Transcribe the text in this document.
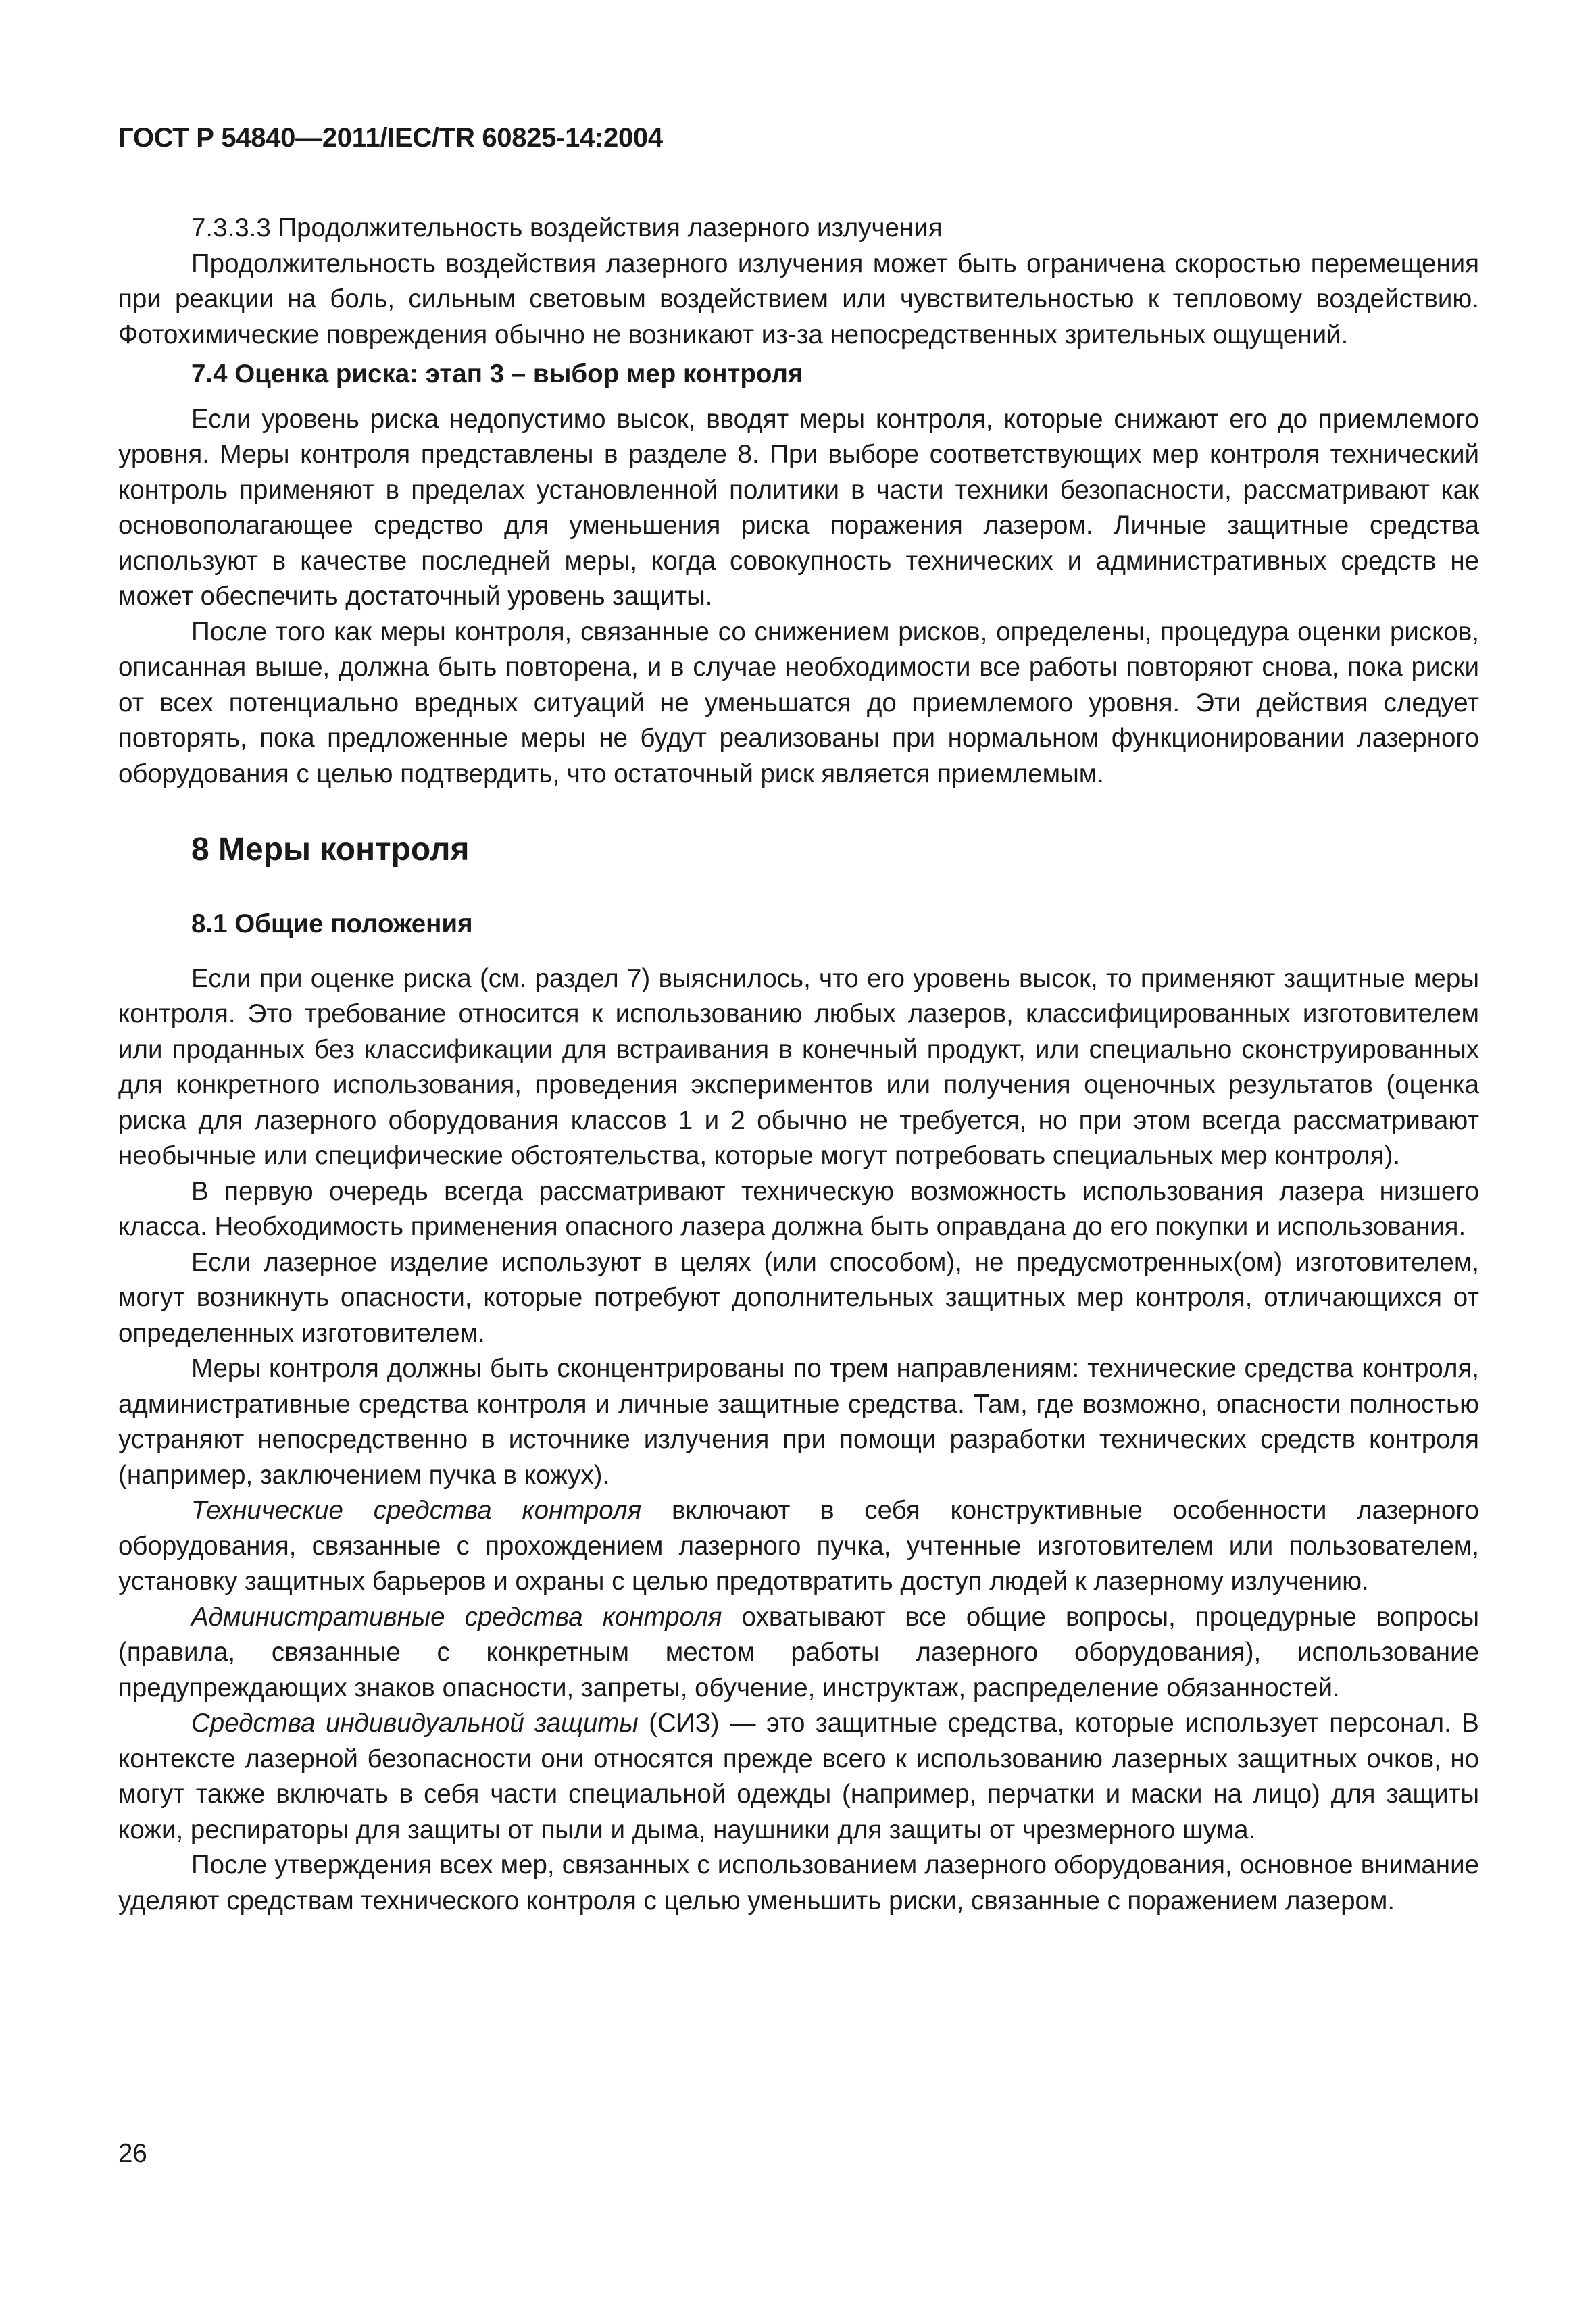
ГОСТ Р 54840—2011/IEC/TR 60825-14:2004

7.3.3.3 Продолжительность воздействия лазерного излучения

Продолжительность воздействия лазерного излучения может быть ограничена скоростью перемещения при реакции на боль, сильным световым воздействием или чувствительностью к тепловому воздействию. Фотохимические повреждения обычно не возникают из-за непосредственных зрительных ощущений.

7.4 Оценка риска: этап 3 – выбор мер контроля

Если уровень риска недопустимо высок, вводят меры контроля, которые снижают его до приемлемого уровня. Меры контроля представлены в разделе 8. При выборе соответствующих мер контроля технический контроль применяют в пределах установленной политики в части техники безопасности, рассматривают как основополагающее средство для уменьшения риска поражения лазером. Личные защитные средства используют в качестве последней меры, когда совокупность технических и административных средств не может обеспечить достаточный уровень защиты.

После того как меры контроля, связанные со снижением рисков, определены, процедура оценки рисков, описанная выше, должна быть повторена, и в случае необходимости все работы повторяют снова, пока риски от всех потенциально вредных ситуаций не уменьшатся до приемлемого уровня. Эти действия следует повторять, пока предложенные меры не будут реализованы при нормальном функционировании лазерного оборудования с целью подтвердить, что остаточный риск является приемлемым.

8 Меры контроля
8.1 Общие положения

Если при оценке риска (см. раздел 7) выяснилось, что его уровень высок, то применяют защитные меры контроля. Это требование относится к использованию любых лазеров, классифицированных изготовителем или проданных без классификации для встраивания в конечный продукт, или специально сконструированных для конкретного использования, проведения экспериментов или получения оценочных результатов (оценка риска для лазерного оборудования классов 1 и 2 обычно не требуется, но при этом всегда рассматривают необычные или специфические обстоятельства, которые могут потребовать специальных мер контроля).

В первую очередь всегда рассматривают техническую возможность использования лазера низшего класса. Необходимость применения опасного лазера должна быть оправдана до его покупки и использования.

Если лазерное изделие используют в целях (или способом), не предусмотренных(ом) изготовителем, могут возникнуть опасности, которые потребуют дополнительных защитных мер контроля, отличающихся от определенных изготовителем.

Меры контроля должны быть сконцентрированы по трем направлениям: технические средства контроля, административные средства контроля и личные защитные средства. Там, где возможно, опасности полностью устраняют непосредственно в источнике излучения при помощи разработки технических средств контроля (например, заключением пучка в кожух).

Технические средства контроля включают в себя конструктивные особенности лазерного оборудования, связанные с прохождением лазерного пучка, учтенные изготовителем или пользователем, установку защитных барьеров и охраны с целью предотвратить доступ людей к лазерному излучению.

Административные средства контроля охватывают все общие вопросы, процедурные вопросы (правила, связанные с конкретным местом работы лазерного оборудования), использование предупреждающих знаков опасности, запреты, обучение, инструктаж, распределение обязанностей.

Средства индивидуальной защиты (СИЗ) — это защитные средства, которые использует персонал. В контексте лазерной безопасности они относятся прежде всего к использованию лазерных защитных очков, но могут также включать в себя части специальной одежды (например, перчатки и маски на лицо) для защиты кожи, респираторы для защиты от пыли и дыма, наушники для защиты от чрезмерного шума.

После утверждения всех мер, связанных с использованием лазерного оборудования, основное внимание уделяют средствам технического контроля с целью уменьшить риски, связанные с поражением лазером.

26
